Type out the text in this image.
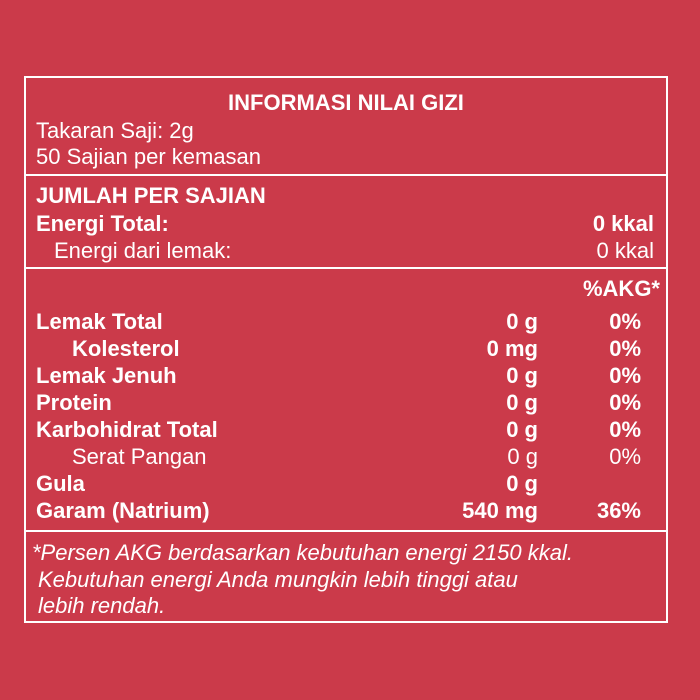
INFORMASI NILAI GIZI
Takaran Saji: 2g
50 Sajian per kemasan
JUMLAH PER SAJIAN
Energi Total:	0 kkal
Energi dari lemak:	0 kkal
%AKG*
Lemak Total	0 g	0%
Kolesterol	0 mg	0%
Lemak Jenuh	0 g	0%
Protein	0 g	0%
Karbohidrat Total	0 g	0%
Serat Pangan	0 g	0%
Gula	0 g
Garam (Natrium)	540 mg	36%
*Persen AKG berdasarkan kebutuhan energi 2150 kkal.
Kebutuhan energi Anda mungkin lebih tinggi atau
lebih rendah.
